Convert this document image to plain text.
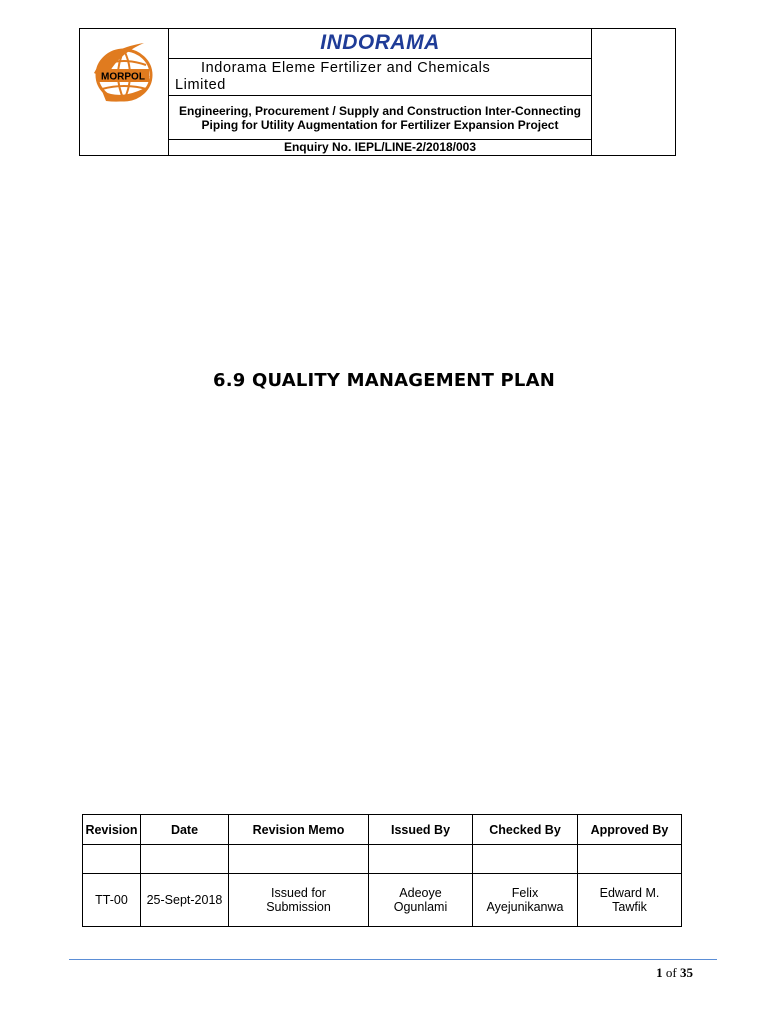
MORPOL
	INDORAMA	

Indorama Eleme Fertilizer and Chemicals
Limited

Engineering, Procurement / Supply and Construction Inter-Connecting Piping for Utility Augmentation for Fertilizer Expansion Project
Enquiry No. IEPL/LINE-2/2018/003
6.9 QUALITY MANAGEMENT PLAN
Revision	Date	Revision Memo	Issued By	Checked By	Approved By

TT-00	25-Sept-2018	Issued for Submission	Adeoye Ogunlami	Felix Ayejunikanwa	Edward M. Tawfik
1 of 35
